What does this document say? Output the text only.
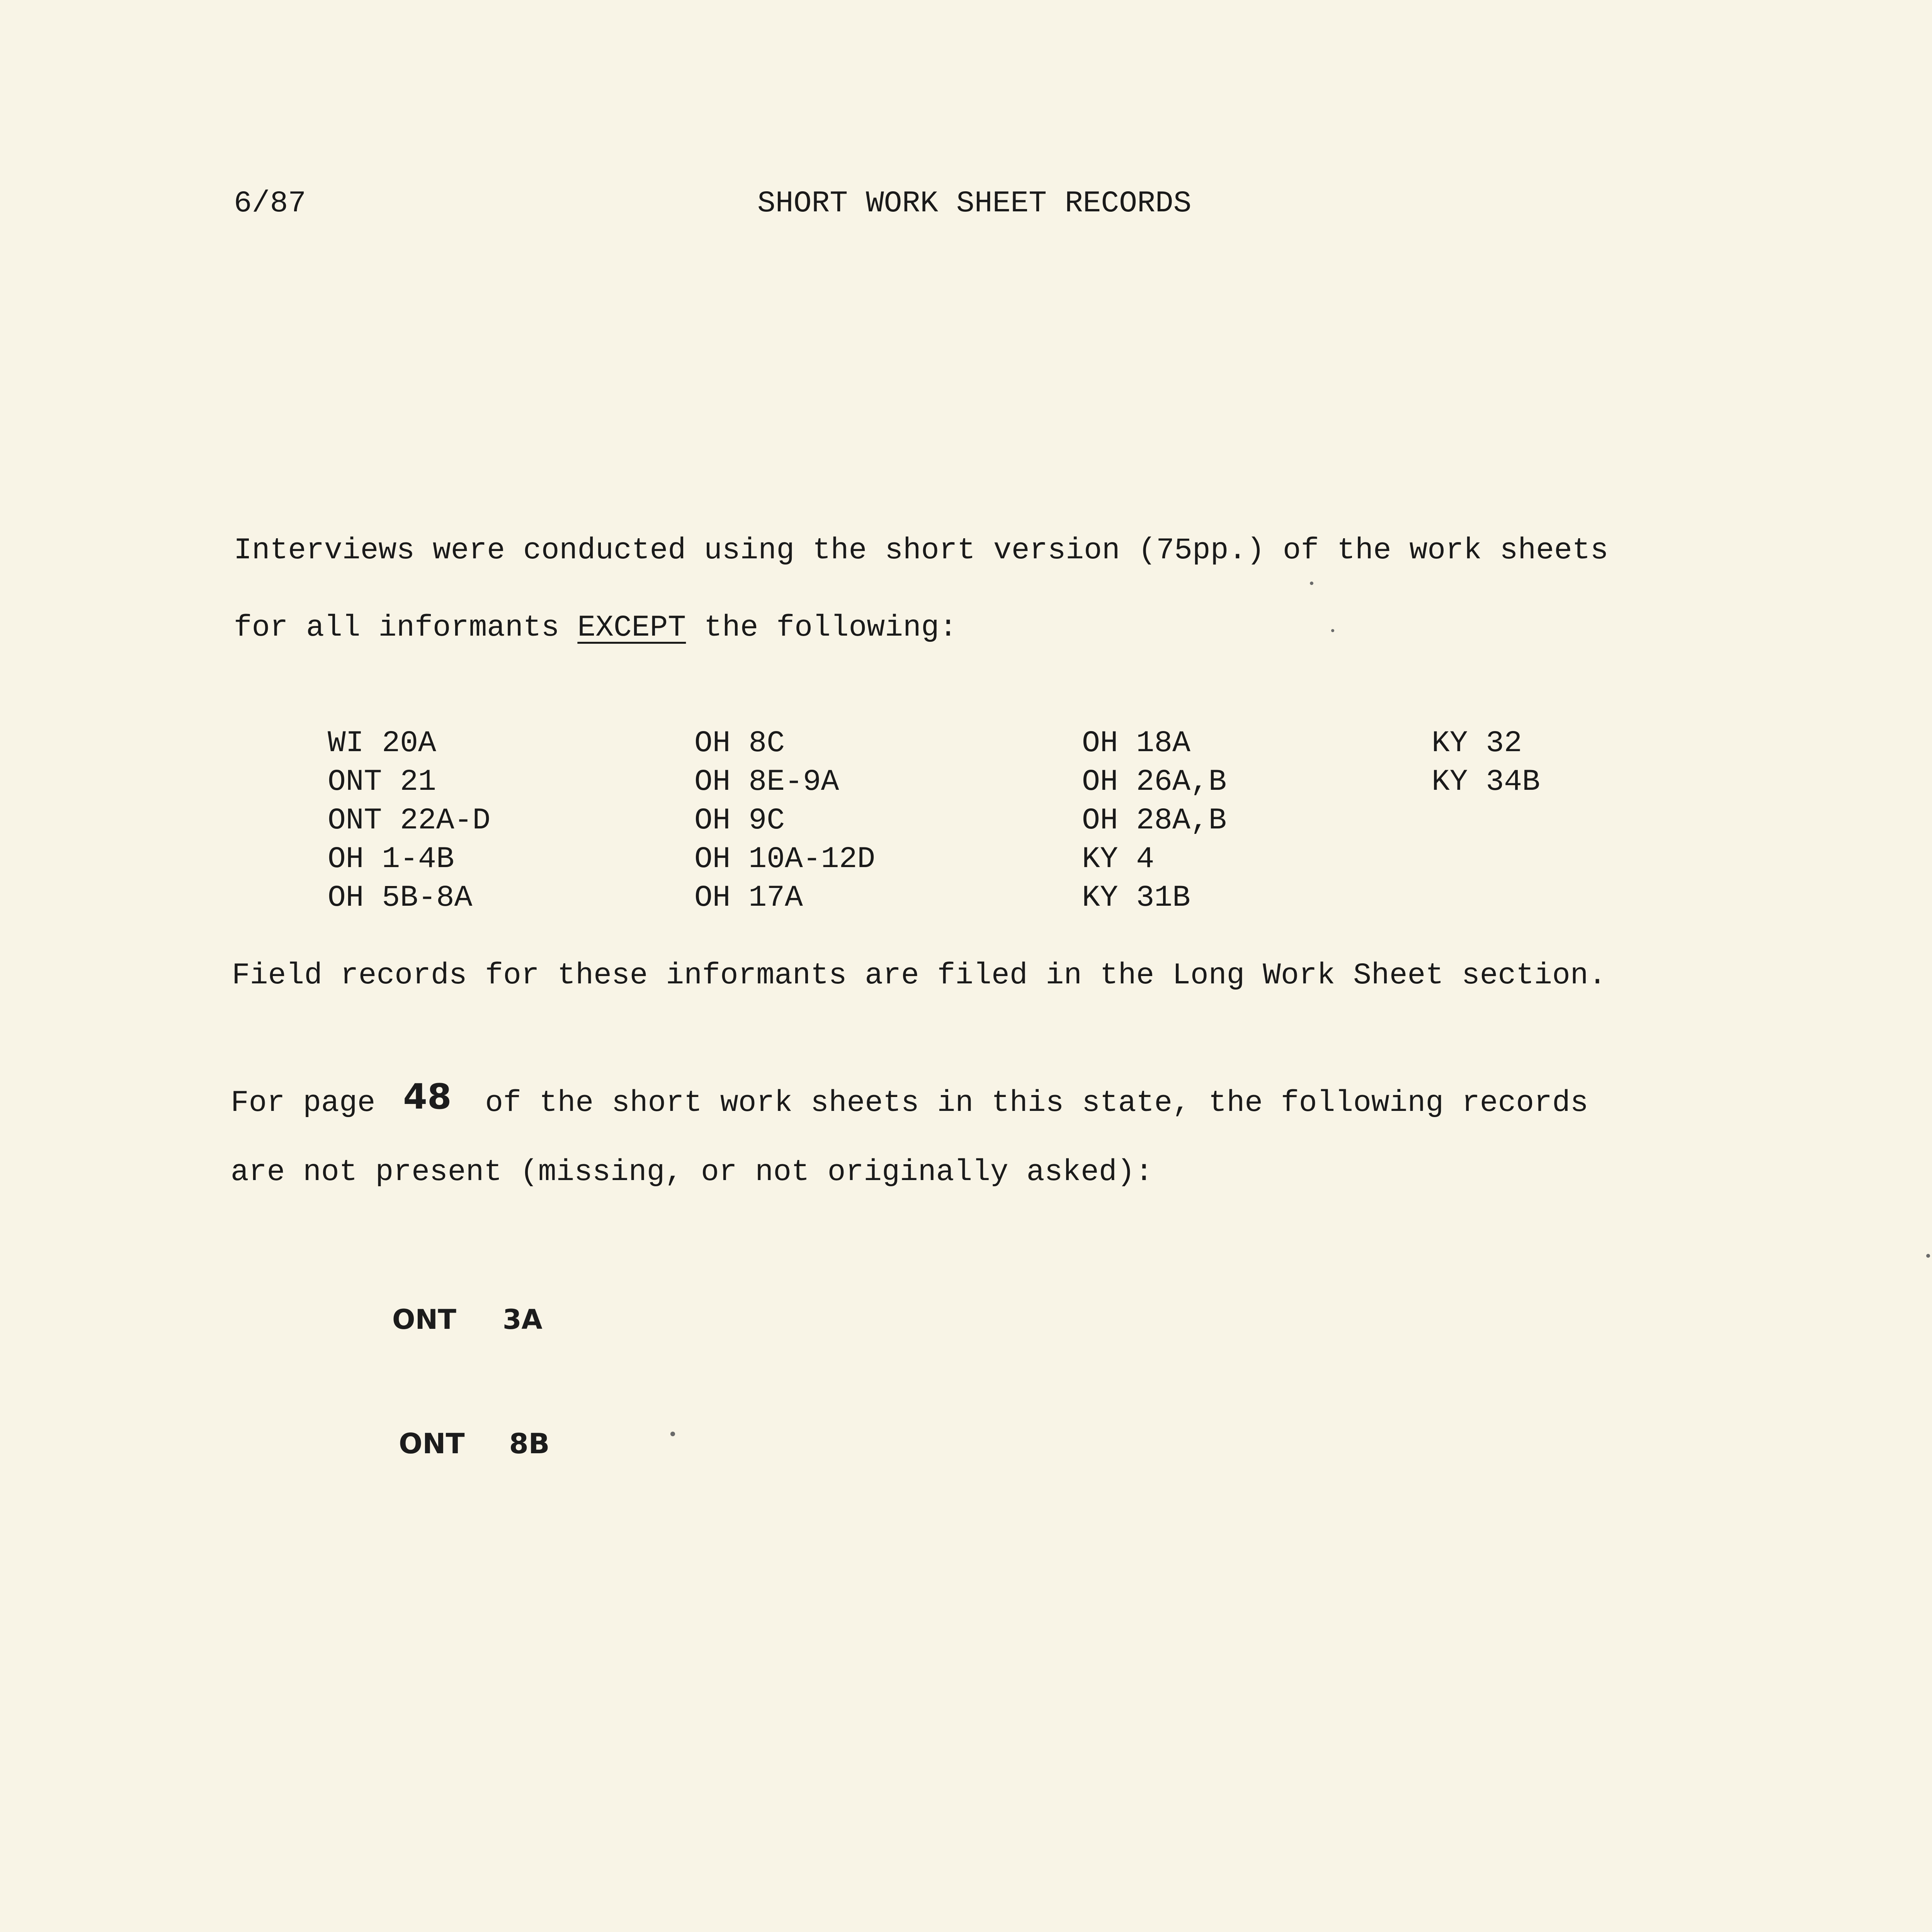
6/87	SHORT WORK SHEET RECORDS
Interviews were conducted using the short version (75pp.) of the work sheets
for all informants EXCEPT the following:
WI 20A
ONT 21
ONT 22A-D
OH 1-4B
OH 5B-8A
OH 8C
OH 8E-9A
OH 9C
OH 10A-12D
OH 17A
OH 18A
OH 26A,B
OH 28A,B
KY 4
KY 31B
KY 32
KY 34B
Field records for these informants are filed in the Long Work Sheet section.
For page 48 of the short work sheets in this state, the following records
are not present (missing, or not originally asked):
ONT 3A
ONT 8B
